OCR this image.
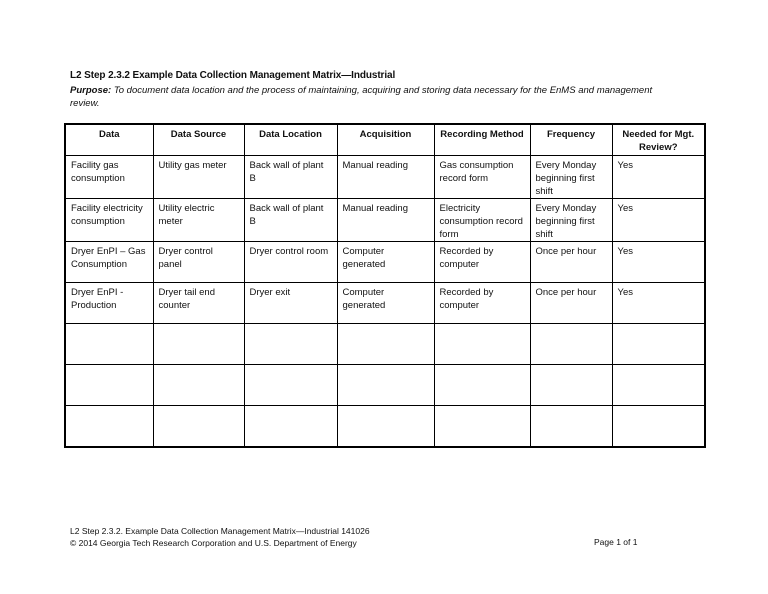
L2 Step 2.3.2 Example Data Collection Management Matrix—Industrial
Purpose: To document data location and the process of maintaining, acquiring and storing data necessary for the EnMS and management review.
Data	Data Source	Data Location	Acquisition	Recording Method	Frequency	Needed for Mgt. Review?
Facility gas consumption	Utility gas meter	Back wall of plant B	Manual reading	Gas consumption record form	Every Monday beginning first shift	Yes
Facility electricity consumption	Utility electric meter	Back wall of plant B	Manual reading	Electricity consumption record form	Every Monday beginning first shift	Yes
Dryer EnPI – Gas Consumption	Dryer control panel	Dryer control room	Computer generated	Recorded by computer	Once per hour	Yes
Dryer EnPI - Production	Dryer tail end counter	Dryer exit	Computer generated	Recorded by computer	Once per hour	Yes

L2 Step 2.3.2. Example Data Collection Management Matrix—Industrial 141026
© 2014 Georgia Tech Research Corporation and U.S. Department of Energy	Page 1 of 1
